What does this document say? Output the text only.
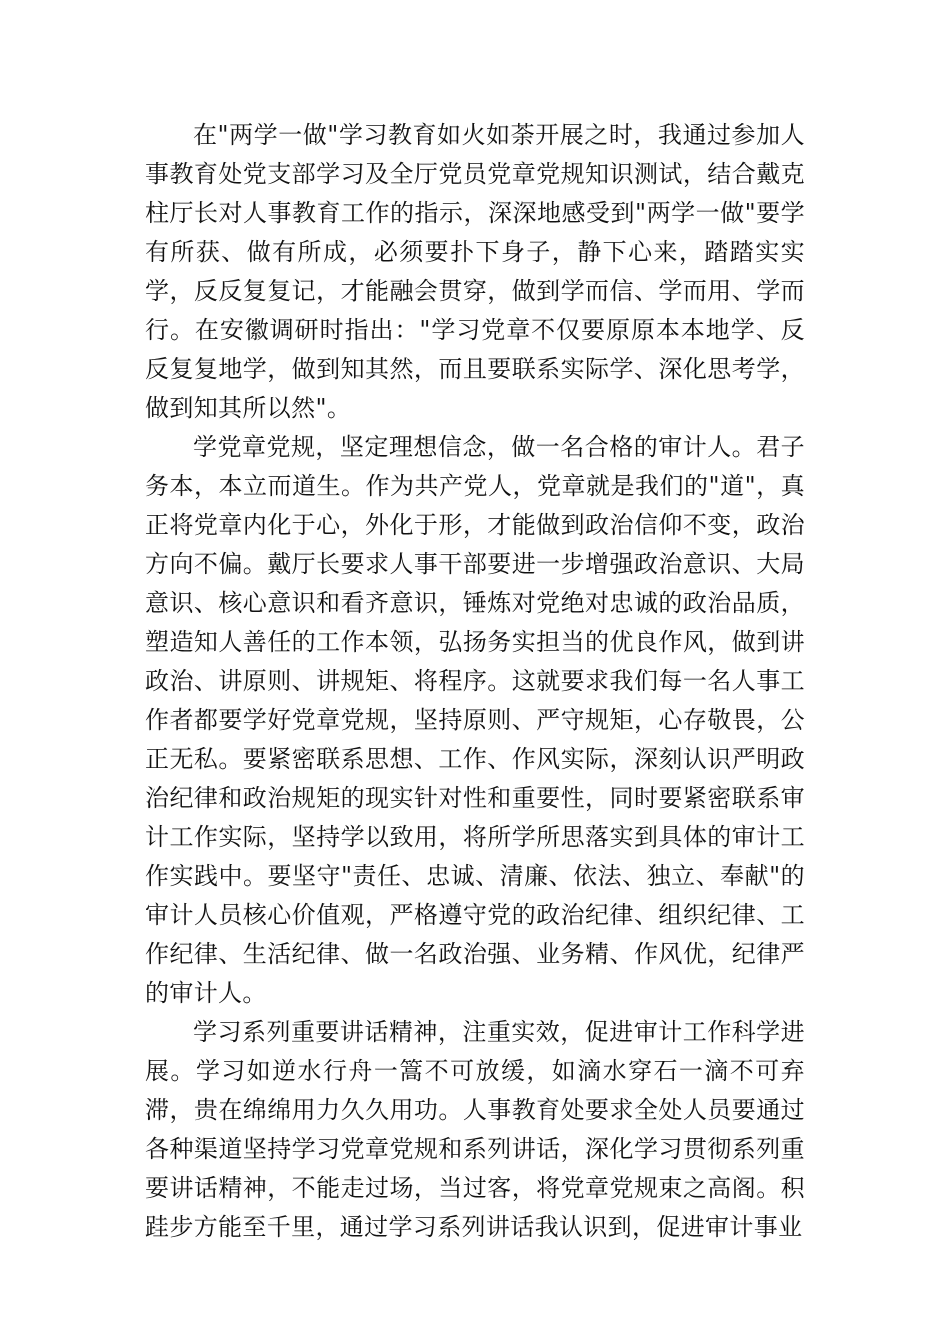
在"两学一做"学习教育如火如荼开展之时，我通过参加人事教育处党支部学习及全厅党员党章党规知识测试，结合戴克柱厅长对人事教育工作的指示，深深地感受到"两学一做"要学有所获、做有所成，必须要扑下身子，静下心来，踏踏实实学，反反复复记，才能融会贯穿，做到学而信、学而用、学而行。在安徽调研时指出："学习党章不仅要原原本本地学、反反复复地学，做到知其然，而且要联系实际学、深化思考学，做到知其所以然"。

学党章党规，坚定理想信念，做一名合格的审计人。君子务本，本立而道生。作为共产党人，党章就是我们的"道"，真正将党章内化于心，外化于形，才能做到政治信仰不变，政治方向不偏。戴厅长要求人事干部要进一步增强政治意识、大局意识、核心意识和看齐意识，锤炼对党绝对忠诚的政治品质，塑造知人善任的工作本领，弘扬务实担当的优良作风，做到讲政治、讲原则、讲规矩、将程序。这就要求我们每一名人事工作者都要学好党章党规，坚持原则、严守规矩，心存敬畏，公正无私。要紧密联系思想、工作、作风实际，深刻认识严明政治纪律和政治规矩的现实针对性和重要性，同时要紧密联系审计工作实际，坚持学以致用，将所学所思落实到具体的审计工作实践中。要坚守"责任、忠诚、清廉、依法、独立、奉献"的审计人员核心价值观，严格遵守党的政治纪律、组织纪律、工作纪律、生活纪律、做一名政治强、业务精、作风优，纪律严的审计人。

学习系列重要讲话精神，注重实效，促进审计工作科学进展。学习如逆水行舟一篙不可放缓，如滴水穿石一滴不可弃滞，贵在绵绵用力久久用功。人事教育处要求全处人员要通过各种渠道坚持学习党章党规和系列讲话，深化学习贯彻系列重要讲话精神，不能走过场，当过客，将党章党规束之高阁。积跬步方能至千里，通过学习系列讲话我认识到，促进审计事业
